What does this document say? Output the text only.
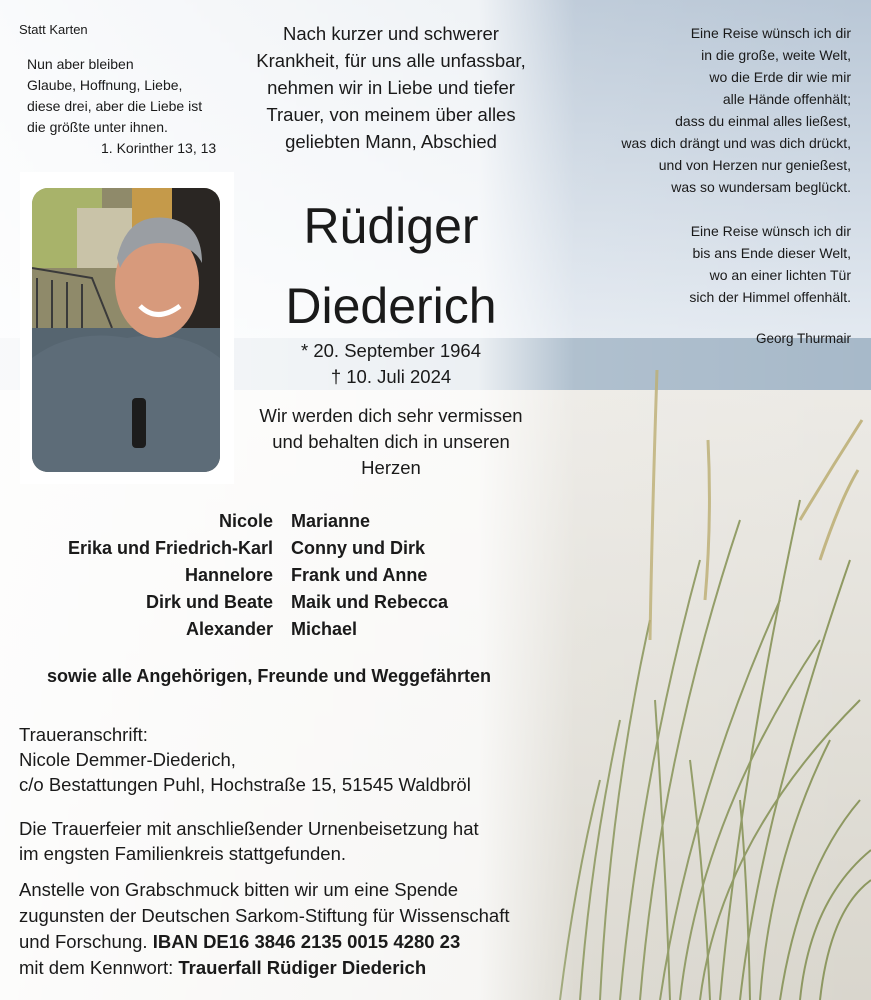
Statt Karten
Nun aber bleiben
Glaube, Hoffnung, Liebe,
diese drei, aber die Liebe ist
die größte unter ihnen.
1. Korinther 13, 13
Nach kurzer und schwerer
Krankheit, für uns alle unfassbar,
nehmen wir in Liebe und tiefer
Trauer, von meinem über alles
geliebten Mann, Abschied
Rüdiger
Diederich
* 20. September 1964
† 10. Juli 2024
Wir werden dich sehr vermissen
und behalten dich in unseren
Herzen
Eine Reise wünsch ich dir
in die große, weite Welt,
wo die Erde dir wie mir
alle Hände offenhält;
dass du einmal alles ließest,
was dich drängt und was dich drückt,
und von Herzen nur genießest,
was so wundersam beglückt.
Eine Reise wünsch ich dir
bis ans Ende dieser Welt,
wo an einer lichten Tür
sich der Himmel offenhält.
Georg Thurmair
Nicole
Erika und Friedrich-Karl
Hannelore
Dirk und Beate
Alexander
Marianne
Conny und Dirk
Frank und Anne
Maik und Rebecca
Michael
sowie alle Angehörigen, Freunde und Weggefährten
Traueranschrift:
Nicole Demmer-Diederich,
c/o Bestattungen Puhl, Hochstraße 15, 51545 Waldbröl
Die Trauerfeier mit anschließender Urnenbeisetzung hat
im engsten Familienkreis stattgefunden.
Anstelle von Grabschmuck bitten wir um eine Spende
zugunsten der Deutschen Sarkom-Stiftung für Wissenschaft
und Forschung. IBAN DE16 3846 2135 0015 4280 23
mit dem Kennwort: Trauerfall Rüdiger Diederich
